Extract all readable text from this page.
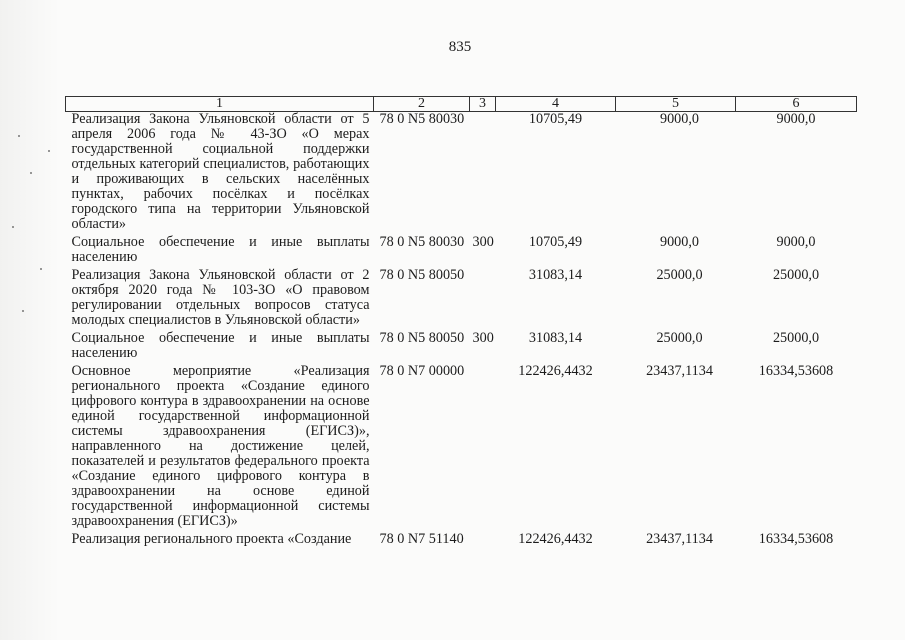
835
1	2	3	4	5	6
Реализация Закона Ульяновской области от 5 апреля 2006 года № 43-ЗО «О мерах государственной социальной поддержки отдельных категорий специалистов, работающих и проживающих в сельских населённых пунктах, рабочих посёлках и посёлках городского типа на территории Ульяновской области»	78 0 N5 80030		10705,49	9000,0	9000,0
Социальное обеспечение и иные выплаты населению	78 0 N5 80030	300	10705,49	9000,0	9000,0
Реализация Закона Ульяновской области от 2 октября 2020 года № 103-ЗО «О правовом регулировании отдельных вопросов статуса молодых специалистов в Ульяновской области»	78 0 N5 80050		31083,14	25000,0	25000,0
Социальное обеспечение и иные выплаты населению	78 0 N5 80050	300	31083,14	25000,0	25000,0
Основное мероприятие «Реализация регионального проекта «Создание единого цифрового контура в здравоохранении на основе единой государственной информационной системы здравоохранения (ЕГИСЗ)», направленного на достижение целей, показателей и результатов федерального проекта «Создание единого цифрового контура в здравоохранении на основе единой государственной информационной системы здравоохранения (ЕГИСЗ)»	78 0 N7 00000		122426,4432	23437,1134	16334,53608
Реализация регионального проекта «Создание	78 0 N7 51140		122426,4432	23437,1134	16334,53608
